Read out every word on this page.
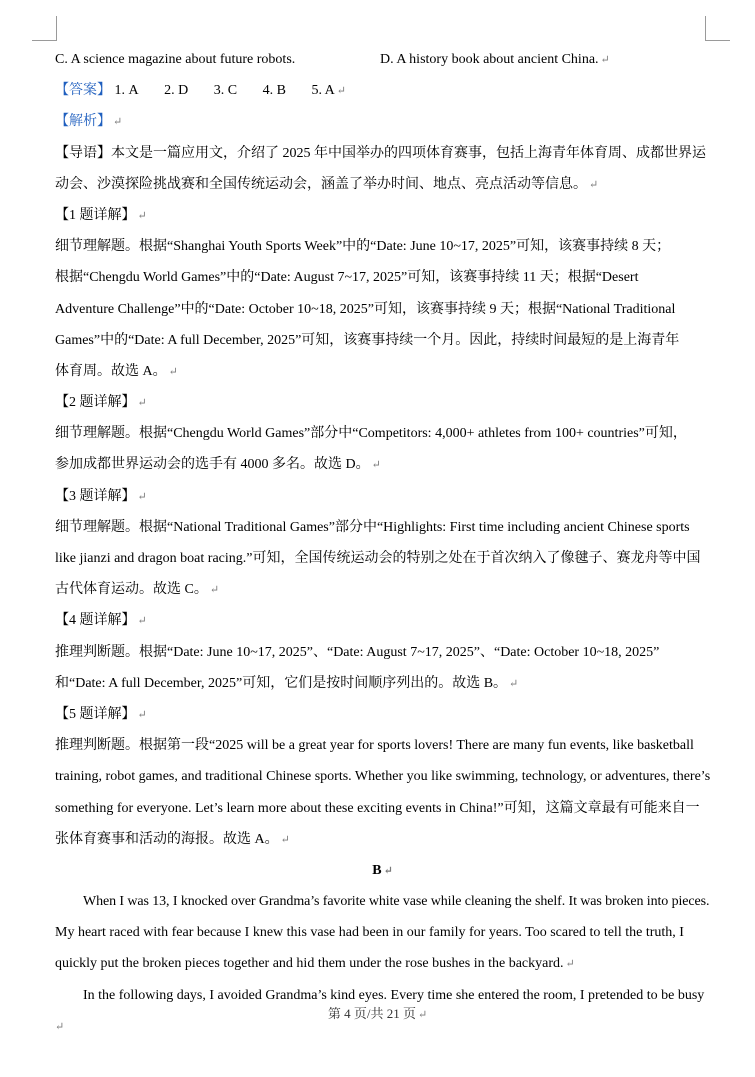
C. A science magazine about future robots.	D. A history book about ancient China. ↵
【答案】 1. A 2. D 3. C 4. B 5. A ↵
【解析】 ↵
【导语】本文是一篇应用文，介绍了 2025 年中国举办的四项体育赛事，包括上海青年体育周、成都世界运
动会、沙漠探险挑战赛和全国传统运动会，涵盖了举办时间、地点、亮点活动等信息。 ↵
【1 题详解】 ↵
细节理解题。根据“Shanghai Youth Sports Week”中的“Date: June 10~17, 2025”可知，该赛事持续 8 天；
根据“Chengdu World Games”中的“Date: August 7~17, 2025”可知，该赛事持续 11 天；根据“Desert
Adventure Challenge”中的“Date: October 10~18, 2025”可知，该赛事持续 9 天；根据“National Traditional
Games”中的“Date: A full December, 2025”可知，该赛事持续一个月。因此，持续时间最短的是上海青年
体育周。故选 A。 ↵
【2 题详解】 ↵
细节理解题。根据“Chengdu World Games”部分中“Competitors: 4,000+ athletes from 100+ countries”可知，
参加成都世界运动会的选手有 4000 多名。故选 D。 ↵
【3 题详解】 ↵
细节理解题。根据“National Traditional Games”部分中“Highlights: First time including ancient Chinese sports
like jianzi and dragon boat racing.”可知，全国传统运动会的特别之处在于首次纳入了像毽子、赛龙舟等中国
古代体育运动。故选 C。 ↵
【4 题详解】 ↵
推理判断题。根据“Date: June 10~17, 2025”、“Date: August 7~17, 2025”、“Date: October 10~18, 2025”
和“Date: A full December, 2025”可知，它们是按时间顺序列出的。故选 B。 ↵
【5 题详解】 ↵
推理判断题。根据第一段“2025 will be a great year for sports lovers! There are many fun events, like basketball
training, robot games, and traditional Chinese sports. Whether you like swimming, technology, or adventures, there’s
something for everyone. Let’s learn more about these exciting events in China!”可知，这篇文章最有可能来自一
张体育赛事和活动的海报。故选 A。 ↵
B ↵
When I was 13, I knocked over Grandma’s favorite white vase while cleaning the shelf. It was broken into pieces.
My heart raced with fear because I knew this vase had been in our family for years. Too scared to tell the truth, I
quickly put the broken pieces together and hid them under the rose bushes in the backyard. ↵
In the following days, I avoided Grandma’s kind eyes. Every time she entered the room, I pretended to be busy
第 4 页/共 21 页 ↵
↵
